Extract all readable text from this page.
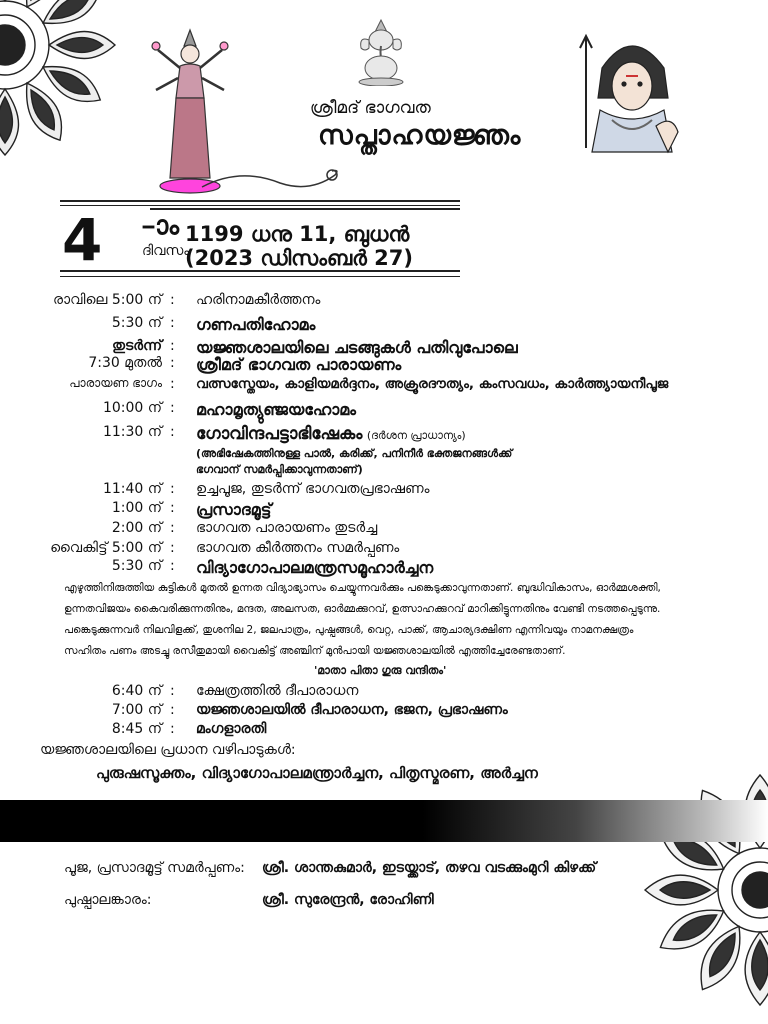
ശ്രീമദ് ഭാഗവത
സപ്താഹയജ്ഞം
4 –ാം
ദിവസം
1199 ധനു 11, ബുധൻ
(2023 ഡിസംബർ 27)
രാവിലെ 5:00 ന് : ഹരിനാമകീർത്തനം
5:30 ന് : ഗണപതിഹോമം
തുടർന്ന് : യജ്ഞശാലയിലെ ചടങ്ങുകൾ പതിവുപോലെ
7:30 മുതൽ : ശ്രീമദ് ഭാഗവത പാരായണം
പാരായണ ഭാഗം : വത്സസ്തേയം, കാളിയമർദ്ദനം, അക്രൂരദൗത്യം, കംസവധം, കാർത്ത്യായനീപൂജ
10:00 ന് : മഹാമൃത്യുഞ്ജയഹോമം
11:30 ന് : ഗോവിന്ദപട്ടാഭിഷേകം (ദർശന പ്രാധാന്യം)
(അഭിഷേകത്തിനുള്ള പാൽ, കരിക്ക്, പനിനീർ ഭക്തജനങ്ങൾക്ക്
ഭഗവാന് സമർപ്പിക്കാവുന്നതാണ്)
11:40 ന് : ഉച്ചപൂജ, തുടർന്ന് ഭാഗവതപ്രഭാഷണം
1:00 ന് : പ്രസാദമൂട്ട്
2:00 ന് : ഭാഗവത പാരായണം തുടർച്ച
വൈകിട്ട് 5:00 ന് : ഭാഗവത കീർത്തനം സമർപ്പണം
5:30 ന് : വിദ്യാഗോപാലമന്ത്രസമൂഹാർച്ചന
എഴുത്തിനിരുത്തിയ കുട്ടികൾ മുതൽ ഉന്നത വിദ്യാഭ്യാസം ചെയ്യുന്നവർക്കും പങ്കെടുക്കാവുന്നതാണ്. ബുദ്ധിവികാസം, ഓർമ്മശക്തി,
ഉന്നതവിജയം കൈവരിക്കുന്നതിനും, മന്ദത, അലസത, ഓർമ്മക്കുറവ്, ഉത്സാഹക്കുറവ് മാറിക്കിട്ടുന്നതിനും വേണ്ടി നടത്തപ്പെടുന്നു.
പങ്കെടുക്കുന്നവർ നിലവിളക്ക്, തുശനില 2, ജലപാത്രം, പുഷ്പങ്ങൾ, വെറ്റ, പാക്ക്, ആചാര്യദക്ഷിണ എന്നിവയും നാമനക്ഷത്രം
സഹിതം പണം അടച്ചു രസീതുമായി വൈകിട്ട് അഞ്ചിന് മുൻപായി യജ്ഞശാലയിൽ എത്തിച്ചേരേണ്ടതാണ്.
'മാതാ പിതാ ഗുരു വന്ദിതം'
6:40 ന് : ക്ഷേത്രത്തിൽ ദീപാരാധന
7:00 ന് : യജ്ഞശാലയിൽ ദീപാരാധന, ഭജന, പ്രഭാഷണം
8:45 ന് : മംഗളാരതി
യജ്ഞശാലയിലെ പ്രധാന വഴിപാടുകൾ:
പുരുഷസൂക്തം, വിദ്യാഗോപാലമന്ത്രാർച്ചന, പിതൃസ്മരണ, അർച്ചന
പൂജ, പ്രസാദമൂട്ട് സമർപ്പണം: ശ്രീ. ശാന്തകുമാർ, ഇടയ്ക്കാട്, തഴവ വടക്കുംമുറി കിഴക്ക്
പുഷ്പാലങ്കാരം:	ശ്രീ. സുരേന്ദ്രൻ, രോഹിണി
